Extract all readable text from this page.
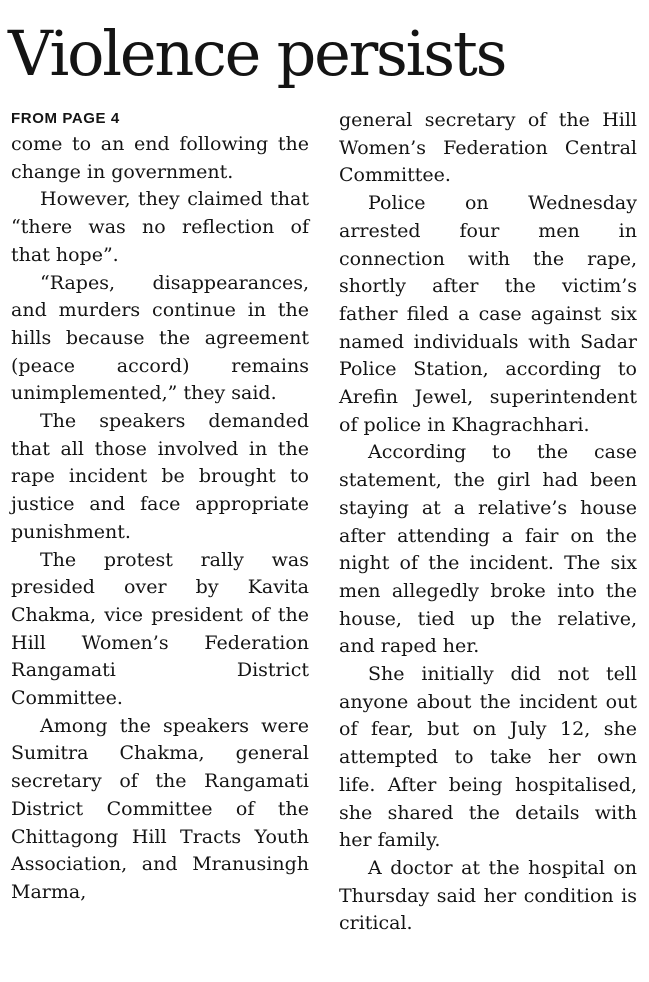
Violence persists
FROM PAGE 4

come to an end following the change in government.

However, they claimed that “there was no reflection of that hope”.

“Rapes, disappearances, and murders continue in the hills because the agreement (peace accord) remains unimplemented,” they said.

The speakers demanded that all those involved in the rape incident be brought to justice and face appropriate punishment.

The protest rally was presided over by Kavita Chakma, vice president of the Hill Women’s Federation Rangamati District Committee.

Among the speakers were Sumitra Chakma, general secretary of the Rangamati District Committee of the Chittagong Hill Tracts Youth Association, and Mranusingh Marma,

general secretary of the Hill Women’s Federation Central Committee.

Police on Wednesday arrested four men in connection with the rape, shortly after the victim’s father filed a case against six named individuals with Sadar Police Station, according to Arefin Jewel, superintendent of police in Khagrachhari.

According to the case statement, the girl had been staying at a relative’s house after attending a fair on the night of the incident. The six men allegedly broke into the house, tied up the relative, and raped her.

She initially did not tell anyone about the incident out of fear, but on July 12, she attempted to take her own life. After being hospitalised, she shared the details with her family.

A doctor at the hospital on Thursday said her condition is critical.
